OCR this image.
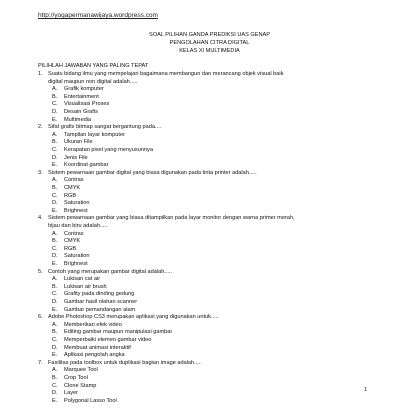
http://yogapermanawijaya.wordpress.com
SOAL PILIHAN GANDA PREDIKSI UAS GENAP
PENGOLAHAN CITRA DIGITAL
KELAS XI MULTIMEDIA
PILIHLAH JAWABAN YANG PALING TEPAT
1. Suatu bidang ilmu yang mempelajari bagaimana membangun dan merancang objek visual baik
digital maupun non digital adalah.....
A. Grafik komputer
B. Entertainment
C. Visualisasi Proses
D. Desain Grafis
E. Multimedia
2. Sifat grafis bitmap sangat bergantung pada....
A. Tampilan layar komputer
B. Ukuran File
C. Kerapatan pixel yang menyusunnya
D. Jenis File
E. Koordinat gambar
3. Sistem pewarnaan gambar digital yang biasa digunakan pada tinta printer adalah.....
A. Contras
B. CMYK
C. RGB
D. Saturation
E. Brighnest
4. Sistem pewarnaan gambar yang biasa ditampilkan pada layar monitor dengan warna primer merah,
hijau dan biru adalah.....
A. Contras
B. CMYK
C. RGB
D. Saturation
E. Brighnest
5. Contoh yang merupakan gambar digital adalah.....
A. Lukisan cat air
B. Lukisan air brush
C. Grafity pada dinding gedung
D. Gambar hasil olahan scanner
E. Gambar pemandangan alam
6. Adobe Photoshop CS3 merupakan aplikasi yang digunakan untuk.....
A. Memberikan efek video
B. Editing gambar maupun manipulasi gambar
C. Memperbaiki elemen gambar video
D. Membuat animasi interaktif
E. Aplikasi pengolah angka
7. Fasilitas pada toolbox untuk duplikasi bagian image adalah.....
A. Marquee Tool
B. Crop Tool
C. Clone Stamp
D. Layer
E. Polygonal Lasso Tool
1
